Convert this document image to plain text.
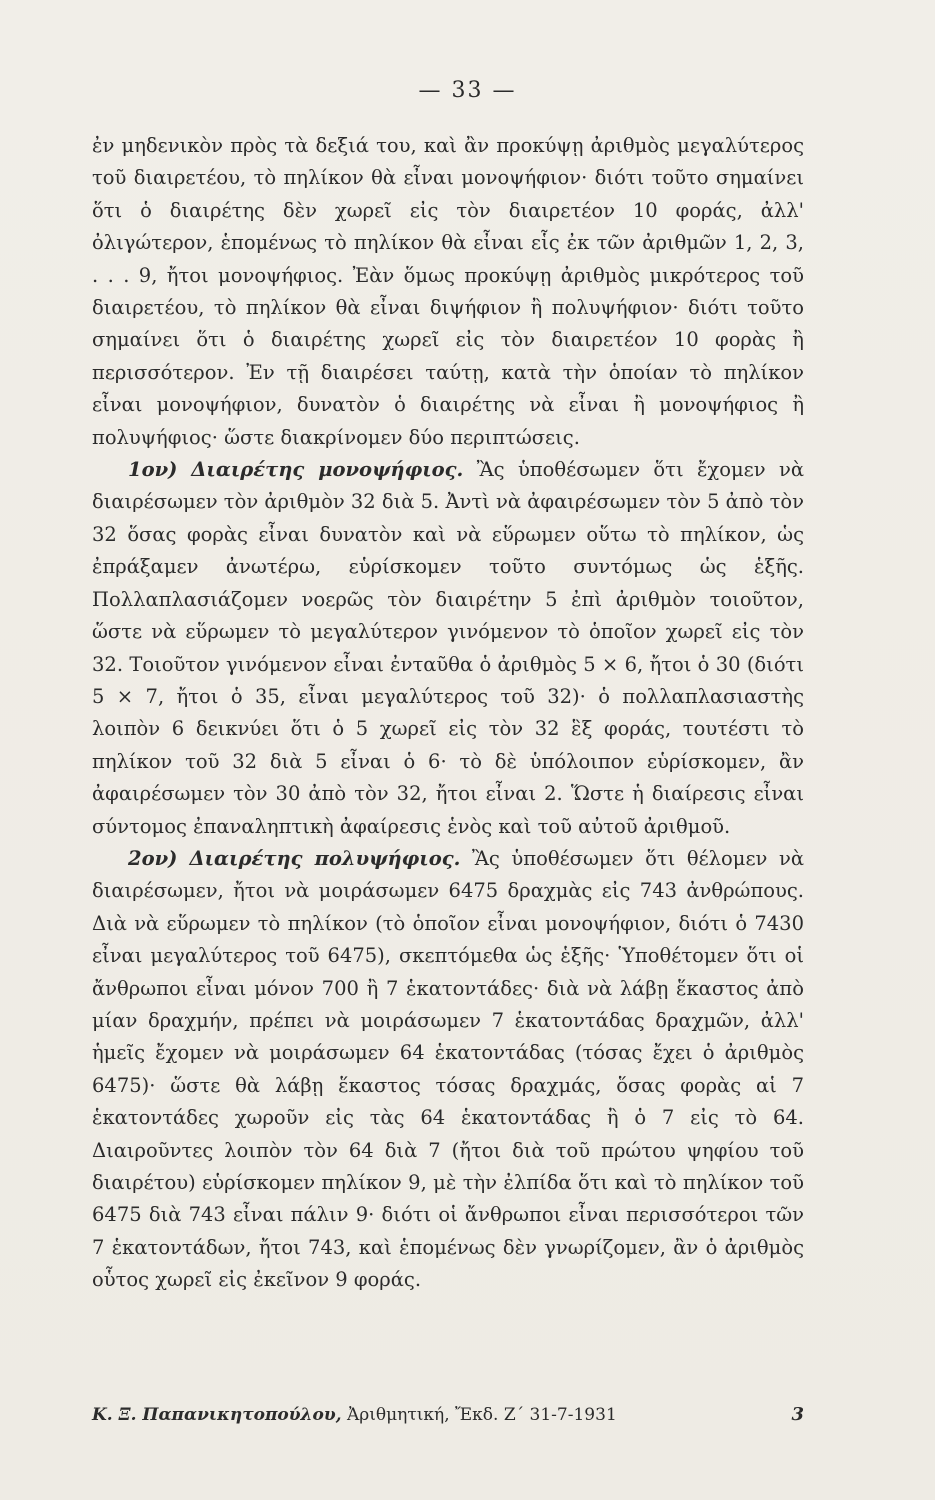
— 33 —

ἐν μηδενικὸν πρὸς τὰ δεξιά του, καὶ ἂν προκύψῃ ἀριθμὸς μεγαλύτερος τοῦ διαιρετέου, τὸ πηλίκον θὰ εἶναι μονοψήφιον· διότι τοῦτο σημαίνει ὅτι ὁ διαιρέτης δὲν χωρεῖ εἰς τὸν διαιρετέον 10 φοράς, ἀλλ' ὀλιγώτερον, ἑπομένως τὸ πηλίκον θὰ εἶναι εἷς ἐκ τῶν ἀριθμῶν 1, 2, 3, . . . 9, ἤτοι μονοψήφιος. Ἐὰν ὅμως προκύψῃ ἀριθμὸς μικρότερος τοῦ διαιρετέου, τὸ πηλίκον θὰ εἶναι διψήφιον ἢ πολυψήφιον· διότι τοῦτο σημαίνει ὅτι ὁ διαιρέτης χωρεῖ εἰς τὸν διαιρετέον 10 φορὰς ἢ περισσότερον. Ἐν τῇ διαιρέσει ταύτῃ, κατὰ τὴν ὁποίαν τὸ πηλίκον εἶναι μονοψήφιον, δυνατὸν ὁ διαιρέτης νὰ εἶναι ἢ μονοψήφιος ἢ πολυψήφιος· ὥστε διακρίνομεν δύο περιπτώσεις.

1ον) Διαιρέτης μονοψήφιος. Ἂς ὑποθέσωμεν ὅτι ἔχομεν νὰ διαιρέσωμεν τὸν ἀριθμὸν 32 διὰ 5. Ἀντὶ νὰ ἀφαιρέσωμεν τὸν 5 ἀπὸ τὸν 32 ὅσας φορὰς εἶναι δυνατὸν καὶ νὰ εὕρωμεν οὕτω τὸ πηλίκον, ὡς ἐπράξαμεν ἀνωτέρω, εὑρίσκομεν τοῦτο συντόμως ὡς ἑξῆς. Πολλαπλασιάζομεν νοερῶς τὸν διαιρέτην 5 ἐπὶ ἀριθμὸν τοιοῦτον, ὥστε νὰ εὕρωμεν τὸ μεγαλύτερον γινόμενον τὸ ὁποῖον χωρεῖ εἰς τὸν 32. Τοιοῦτον γινόμενον εἶναι ἐνταῦθα ὁ ἀριθμὸς 5 × 6, ἤτοι ὁ 30 (διότι 5 × 7, ἤτοι ὁ 35, εἶναι μεγαλύτερος τοῦ 32)· ὁ πολλαπλασιαστὴς λοιπὸν 6 δεικνύει ὅτι ὁ 5 χωρεῖ εἰς τὸν 32 ἓξ φοράς, τουτέστι τὸ πηλίκον τοῦ 32 διὰ 5 εἶναι ὁ 6· τὸ δὲ ὑπόλοιπον εὑρίσκομεν, ἂν ἀφαιρέσωμεν τὸν 30 ἀπὸ τὸν 32, ἤτοι εἶναι 2. Ὥστε ἡ διαίρεσις εἶναι σύντομος ἐπαναληπτικὴ ἀφαίρεσις ἑνὸς καὶ τοῦ αὐτοῦ ἀριθμοῦ.

2ον) Διαιρέτης πολυψήφιος. Ἂς ὑποθέσωμεν ὅτι θέλομεν νὰ διαιρέσωμεν, ἤτοι νὰ μοιράσωμεν 6475 δραχμὰς εἰς 743 ἀνθρώπους. Διὰ νὰ εὕρωμεν τὸ πηλίκον (τὸ ὁποῖον εἶναι μονοψήφιον, διότι ὁ 7430 εἶναι μεγαλύτερος τοῦ 6475), σκεπτόμεθα ὡς ἑξῆς· Ὑποθέτομεν ὅτι οἱ ἄνθρωποι εἶναι μόνον 700 ἢ 7 ἑκατοντάδες· διὰ νὰ λάβῃ ἕκαστος ἀπὸ μίαν δραχμήν, πρέπει νὰ μοιράσωμεν 7 ἑκατοντάδας δραχμῶν, ἀλλ' ἡμεῖς ἔχομεν νὰ μοιράσωμεν 64 ἑκατοντάδας (τόσας ἔχει ὁ ἀριθμὸς 6475)· ὥστε θὰ λάβῃ ἕκαστος τόσας δραχμάς, ὅσας φορὰς αἱ 7 ἑκατοντάδες χωροῦν εἰς τὰς 64 ἑκατοντάδας ἢ ὁ 7 εἰς τὸ 64. Διαιροῦντες λοιπὸν τὸν 64 διὰ 7 (ἤτοι διὰ τοῦ πρώτου ψηφίου τοῦ διαιρέτου) εὑρίσκομεν πηλίκον 9, μὲ τὴν ἐλπίδα ὅτι καὶ τὸ πηλίκον τοῦ 6475 διὰ 743 εἶναι πάλιν 9· διότι οἱ ἄνθρωποι εἶναι περισσότεροι τῶν 7 ἑκατοντάδων, ἤτοι 743, καὶ ἑπομένως δὲν γνωρίζομεν, ἂν ὁ ἀριθμὸς οὗτος χωρεῖ εἰς ἐκεῖνον 9 φοράς.

Κ. Ξ. Παπανικητοπούλου, Ἀριθμητική, Ἔκδ. Ζ΄ 31-7-1931	3
